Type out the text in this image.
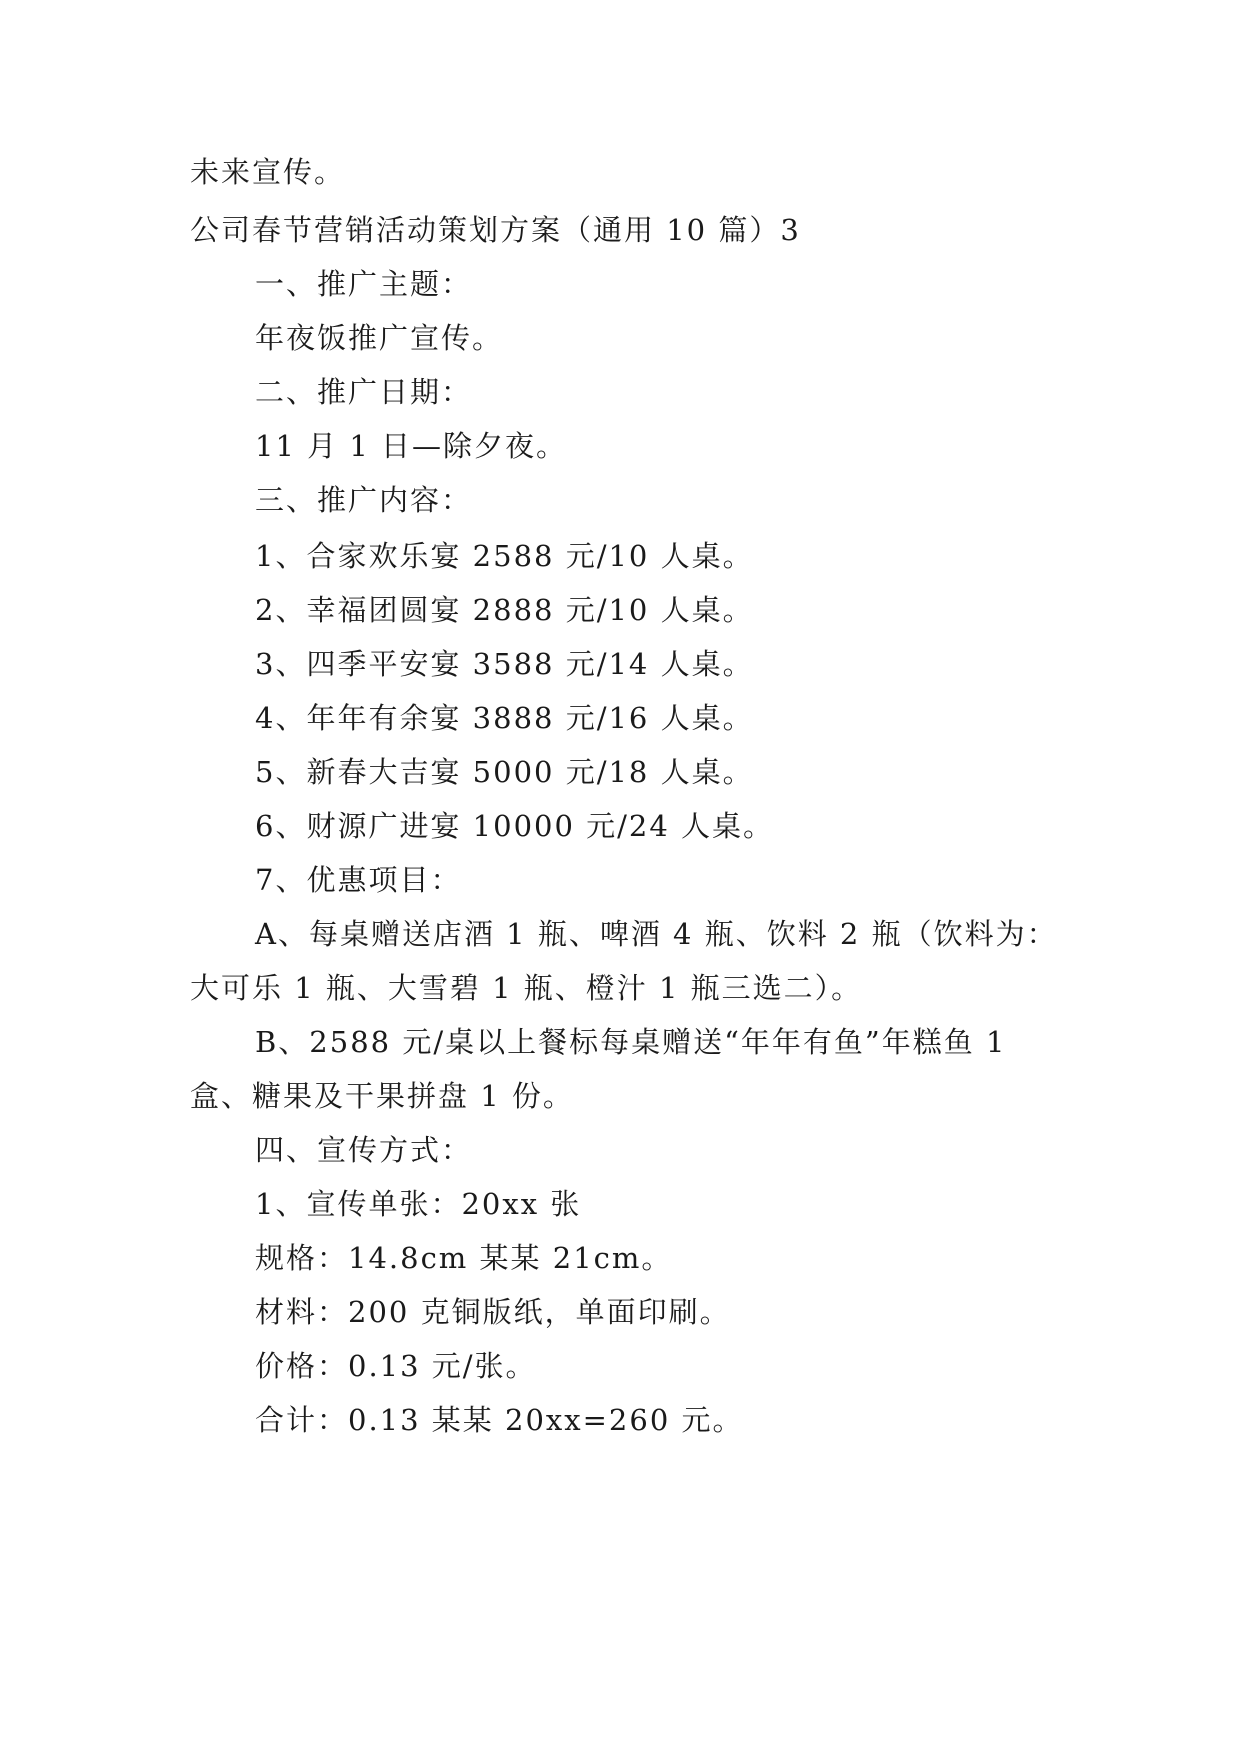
未来宣传。
公司春节营销活动策划方案（通用 10 篇）3
一、推广主题：
年夜饭推广宣传。
二、推广日期：
11 月 1 日—除夕夜。
三、推广内容：
1、合家欢乐宴 2588 元/10 人桌。
2、幸福团圆宴 2888 元/10 人桌。
3、四季平安宴 3588 元/14 人桌。
4、年年有余宴 3888 元/16 人桌。
5、新春大吉宴 5000 元/18 人桌。
6、财源广进宴 10000 元/24 人桌。
7、优惠项目：
A、每桌赠送店酒 1 瓶、啤酒 4 瓶、饮料 2 瓶（饮料为：
大可乐 1 瓶、大雪碧 1 瓶、橙汁 1 瓶三选二）。
B、2588 元/桌以上餐标每桌赠送“年年有鱼”年糕鱼 1
盒、糖果及干果拼盘 1 份。
四、宣传方式：
1、宣传单张：20xx 张
规格：14.8cm 某某 21cm。
材料：200 克铜版纸，单面印刷。
价格：0.13 元/张。
合计：0.13 某某 20xx=260 元。
